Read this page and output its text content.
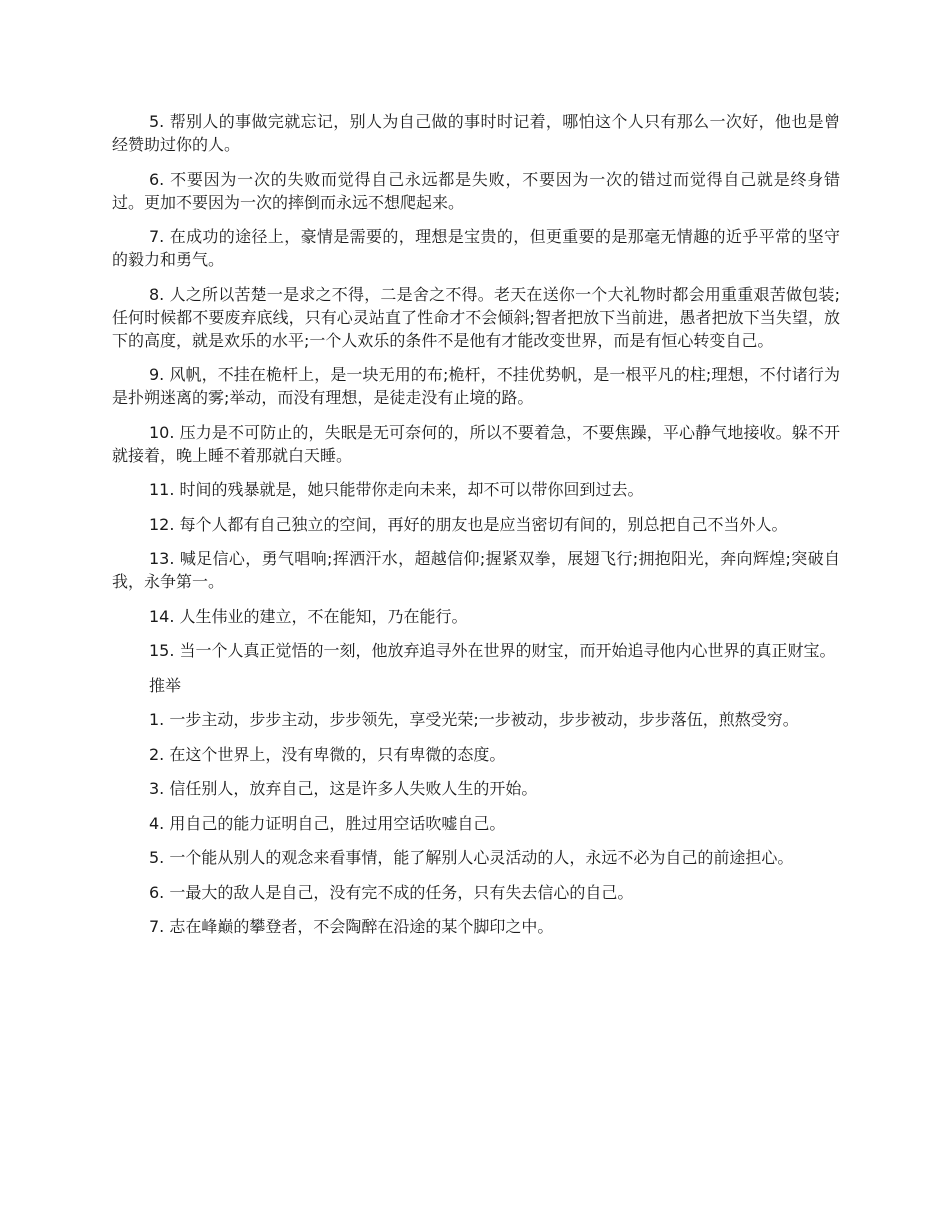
5. 帮别人的事做完就忘记，别人为自己做的事时时记着，哪怕这个人只有那么一次好，他也是曾经赞助过你的人。

6. 不要因为一次的失败而觉得自己永远都是失败，不要因为一次的错过而觉得自己就是终身错过。更加不要因为一次的摔倒而永远不想爬起来。

7. 在成功的途径上，豪情是需要的，理想是宝贵的，但更重要的是那毫无情趣的近乎平常的坚守的毅力和勇气。

8. 人之所以苦楚一是求之不得，二是舍之不得。老天在送你一个大礼物时都会用重重艰苦做包装;任何时候都不要废弃底线，只有心灵站直了性命才不会倾斜;智者把放下当前进，愚者把放下当失望，放下的高度，就是欢乐的水平;一个人欢乐的条件不是他有才能改变世界，而是有恒心转变自己。

9. 风帆，不挂在桅杆上，是一块无用的布;桅杆，不挂优势帆，是一根平凡的柱;理想，不付诸行为是扑朔迷离的雾;举动，而没有理想，是徒走没有止境的路。

10. 压力是不可防止的，失眠是无可奈何的，所以不要着急，不要焦躁，平心静气地接收。躲不开就接着，晚上睡不着那就白天睡。

11. 时间的残暴就是，她只能带你走向未来，却不可以带你回到过去。

12. 每个人都有自己独立的空间，再好的朋友也是应当密切有间的，别总把自己不当外人。

13. 喊足信心，勇气唱响;挥洒汗水，超越信仰;握紧双拳，展翅飞行;拥抱阳光，奔向辉煌;突破自我，永争第一。

14. 人生伟业的建立，不在能知，乃在能行。

15. 当一个人真正觉悟的一刻，他放弃追寻外在世界的财宝，而开始追寻他内心世界的真正财宝。

推举

1. 一步主动，步步主动，步步领先，享受光荣;一步被动，步步被动，步步落伍，煎熬受穷。

2. 在这个世界上，没有卑微的，只有卑微的态度。

3. 信任别人，放弃自己，这是许多人失败人生的开始。

4. 用自己的能力证明自己，胜过用空话吹嘘自己。

5. 一个能从别人的观念来看事情，能了解别人心灵活动的人，永远不必为自己的前途担心。

6. 一最大的敌人是自己，没有完不成的任务，只有失去信心的自己。

7. 志在峰巅的攀登者，不会陶醉在沿途的某个脚印之中。
